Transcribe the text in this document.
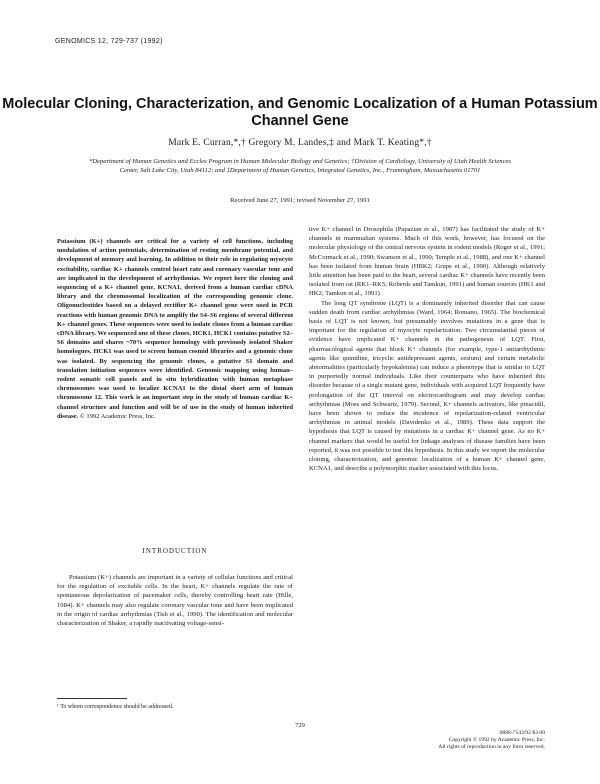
GENOMICS 12, 729-737 (1992)
Molecular Cloning, Characterization, and Genomic Localization of a Human Potassium Channel Gene
Mark E. Curran,*,† Gregory M. Landes,‡ and Mark T. Keating*,†
*Department of Human Genetics and Eccles Program in Human Molecular Biology and Genetics; †Division of Cardiology, University of Utah Health Sciences Center, Salt Lake City, Utah 84112; and ‡Department of Human Genetics, Integrated Genetics, Inc., Framingham, Massachusetts 01701
Received June 27, 1991; revised November 27, 1991
Potassium (K+) channels are critical for a variety of cell functions, including modulation of action potentials, determination of resting membrane potential, and development of memory and learning. In addition to their role in regulating myocyte excitability, cardiac K+ channels control heart rate and coronary vascular tone and are implicated in the development of arrhythmias. We report here the cloning and sequencing of a K+ channel gene, KCNA1, derived from a human cardiac cDNA library and the chromosomal localization of the corresponding genomic clone. Oligonucleotides based on a delayed rectifier K+ channel gene were used in PCR reactions with human genomic DNA to amplify the S4–S6 regions of several different K+ channel genes. These sequences were used to isolate clones from a human cardiac cDNA library. We sequenced one of these clones, HCK1. HCK1 contains putative S2–S6 domains and shares ~70% sequence homology with previously isolated Shaker homologues. HCK1 was used to screen human cosmid libraries and a genomic clone was isolated. By sequencing the genomic clones, a putative S1 domain and translation initiation sequences were identified. Genomic mapping using human–rodent somatic cell panels and in situ hybridization with human metaphase chromosomes was used to localize KCNA1 to the distal short arm of human chromosome 12. This work is an important step in the study of human cardiac K+ channel structure and function and will be of use in the study of human inherited disease. © 1992 Academic Press, Inc.
INTRODUCTION

Potassium (K+) channels are important in a variety of cellular functions and critical for the regulation of excitable cells. In the heart, K+ channels regulate the rate of spontaneous depolarization of pacemaker cells, thereby controlling heart rate (Hille, 1984). K+ channels may also regulate coronary vascular tone and have been implicated in the origin of cardiac arrhythmias (Tish et al., 1990). The identification and molecular characterization of Shaker, a rapidly inactivating voltage-sensi-

tive K+ channel in Drosophila (Papazian et al., 1987) has facilitated the study of K+ channels in mammalian systems. Much of this work, however, has focused on the molecular physiology of the central nervous system in rodent models (Roger et al., 1991; McCormack et al., 1990; Swanson et al., 1990; Temple et al., 1988), and one K+ channel has been isolated from human brain (HBK2; Grupe et al., 1990). Although relatively little attention has been paid to the heart, several cardiac K+ channels have recently been isolated from rat (RK1–RK5; Roberds and Tamkun, 1991) and human sources (HK1 and HK2; Tamkun et al., 1991).

The long QT syndrome (LQT) is a dominantly inherited disorder that can cause sudden death from cardiac arrhythmias (Ward, 1964; Romano, 1965). The biochemical basis of LQT is not known, but presumably involves mutations in a gene that is important for the regulation of myocyte repolarization. Two circumstantial pieces of evidence have implicated K+ channels in the pathogenesis of LQT. First, pharmacological agents that block K+ channels (for example, type-1 antiarrhythmic agents like quinidine, tricyclic antidepressant agents, cesium) and certain metabolic abnormalities (particularly hypokalemia) can induce a phenotype that is similar to LQT in purportedly normal individuals. Like their counterparts who have inherited this disorder because of a single mutant gene, individuals with acquired LQT frequently have prolongation of the QT interval on electrocardiogram and may develop cardiac arrhythmias (Moss and Schwartz, 1979). Second, K+ channels activators, like pinacidil, have been shown to reduce the incidence of repolarization-related ventricular arrhythmias in animal models (Davidenko et al., 1989). These data support the hypothesis that LQT is caused by mutations in a cardiac K+ channel gene. As no K+ channel markers that would be useful for linkage analyses of disease families have been reported, it was not possible to test this hypothesis. In this study we report the molecular cloning, characterization, and genomic localization of a human K+ channel gene, KCNA1, and describe a polymorphic marker associated with this locus.

¹ To whom correspondence should be addressed.
729
0888-7543/92 $3.00
Copyright © 1992 by Academic Press, Inc.
All rights of reproduction in any form reserved.
